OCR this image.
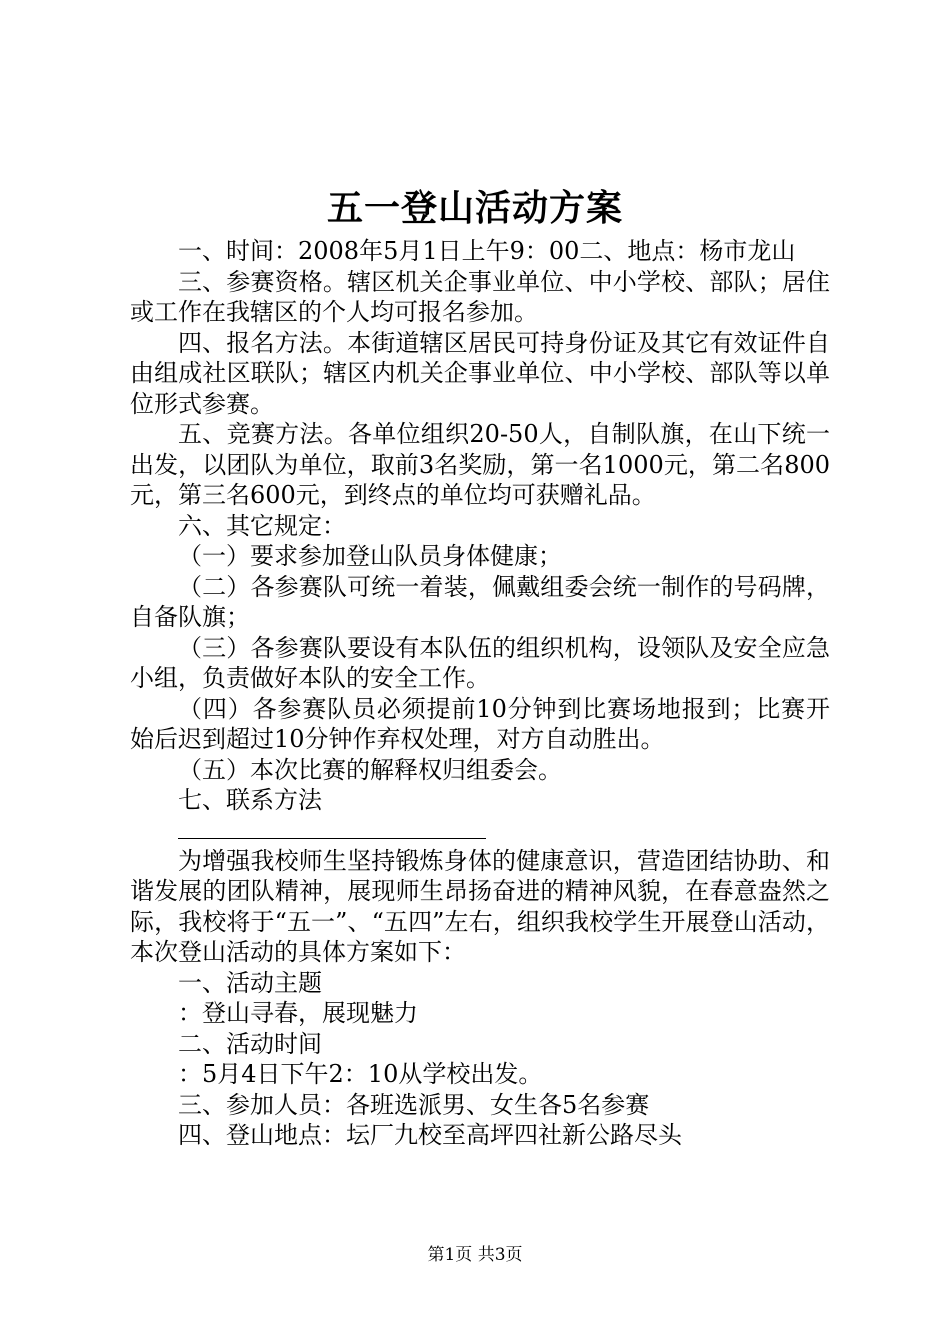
五一登山活动方案

一、时间：2008年5月1日上午9：00二、地点：杨市龙山

三、参赛资格。辖区机关企事业单位、中小学校、部队；居住或工作在我辖区的个人均可报名参加。

四、报名方法。本街道辖区居民可持身份证及其它有效证件自由组成社区联队；辖区内机关企事业单位、中小学校、部队等以单位形式参赛。

五、竞赛方法。各单位组织20-50人，自制队旗，在山下统一出发，以团队为单位，取前3名奖励，第一名1000元，第二名800元，第三名600元，到终点的单位均可获赠礼品。

六、其它规定：

（一）要求参加登山队员身体健康；

（二）各参赛队可统一着装，佩戴组委会统一制作的号码牌，自备队旗；

（三）各参赛队要设有本队伍的组织机构，设领队及安全应急小组，负责做好本队的安全工作。

（四）各参赛队员必须提前10分钟到比赛场地报到；比赛开始后迟到超过10分钟作弃权处理，对方自动胜出。

（五）本次比赛的解释权归组委会。

七、联系方法

为增强我校师生坚持锻炼身体的健康意识，营造团结协助、和谐发展的团队精神，展现师生昂扬奋进的精神风貌，在春意盎然之际，我校将于“五一”、“五四”左右，组织我校学生开展登山活动，本次登山活动的具体方案如下：

一、活动主题

：登山寻春，展现魅力

二、活动时间

：5月4日下午2：10从学校出发。

三、参加人员：各班选派男、女生各5名参赛

四、登山地点：坛厂九校至高坪四社新公路尽头

第1页 共3页
